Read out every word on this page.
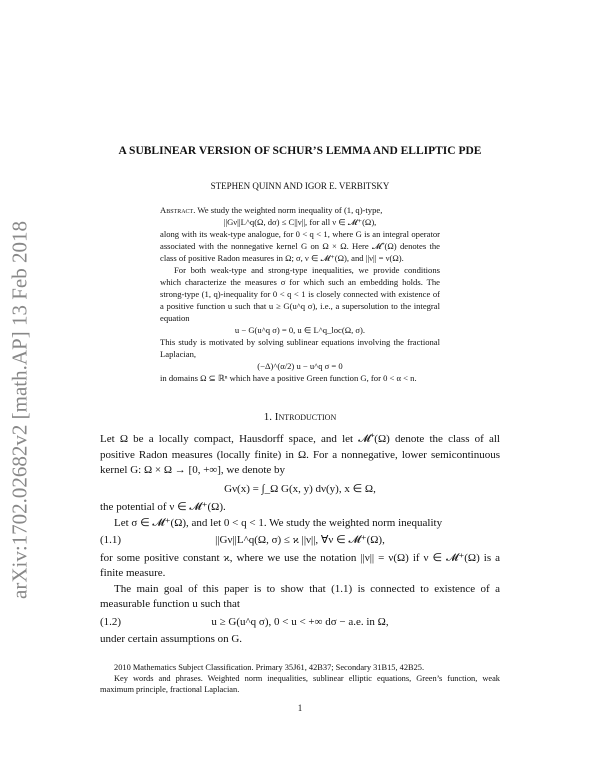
arXiv:1702.02682v2 [math.AP] 13 Feb 2018
A SUBLINEAR VERSION OF SCHUR’S LEMMA AND ELLIPTIC PDE
STEPHEN QUINN AND IGOR E. VERBITSKY
Abstract. We study the weighted norm inequality of (1, q)-type,
||Gν||L^q(Ω, dσ) ≤ C||ν||, for all ν ∈ 𝓜⁺(Ω),
along with its weak-type analogue, for 0 < q < 1, where G is an integral operator associated with the nonnegative kernel G on Ω × Ω. Here 𝓜⁺(Ω) denotes the class of positive Radon measures in Ω; σ, ν ∈ 𝓜⁺(Ω), and ||ν|| = ν(Ω).
For both weak-type and strong-type inequalities, we provide conditions which characterize the measures σ for which such an embedding holds. The strong-type (1, q)-inequality for 0 < q < 1 is closely connected with existence of a positive function u such that u ≥ G(u^q σ), i.e., a supersolution to the integral equation
u − G(u^q σ) = 0, u ∈ L^q_loc(Ω, σ).
This study is motivated by solving sublinear equations involving the fractional Laplacian,
(−Δ)^(α/2) u − u^q σ = 0
in domains Ω ⊆ ℝⁿ which have a positive Green function G, for 0 < α < n.
1. Introduction
Let Ω be a locally compact, Hausdorff space, and let 𝓜⁺(Ω) denote the class of all positive Radon measures (locally finite) in Ω. For a nonnegative, lower semicontinuous kernel G: Ω × Ω → [0, +∞], we denote by
Gν(x) = ∫_Ω G(x, y) dν(y), x ∈ Ω,
the potential of ν ∈ 𝓜⁺(Ω).
Let σ ∈ 𝓜⁺(Ω), and let 0 < q < 1. We study the weighted norm inequality
(1.1)	||Gν||L^q(Ω, σ) ≤ ϰ ||ν||, ∀ν ∈ 𝓜⁺(Ω),
for some positive constant ϰ, where we use the notation ||ν|| = ν(Ω) if ν ∈ 𝓜⁺(Ω) is a finite measure.
The main goal of this paper is to show that (1.1) is connected to existence of a measurable function u such that
(1.2)	u ≥ G(u^q σ), 0 < u < +∞ dσ − a.e. in Ω,
under certain assumptions on G.
2010 Mathematics Subject Classification. Primary 35J61, 42B37; Secondary 31B15, 42B25.
Key words and phrases. Weighted norm inequalities, sublinear elliptic equations, Green’s function, weak maximum principle, fractional Laplacian.
1
